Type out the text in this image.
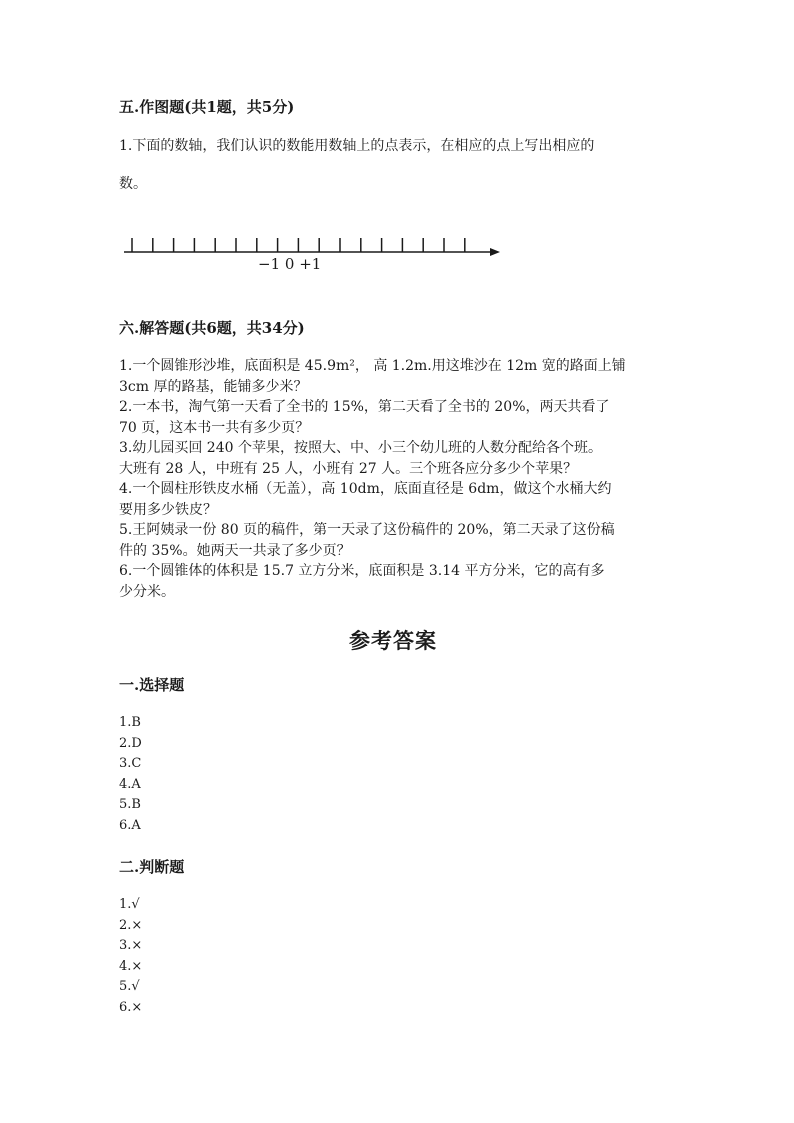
五.作图题(共1题，共5分)
1.下面的数轴，我们认识的数能用数轴上的点表示，在相应的点上写出相应的
数。
−1 0 +1
六.解答题(共6题，共34分)
1.一个圆锥形沙堆，底面积是 45.9m²， 高 1.2m.用这堆沙在 12m 宽的路面上铺
3cm 厚的路基，能铺多少米？
2.一本书，淘气第一天看了全书的 15%，第二天看了全书的 20%，两天共看了
70 页，这本书一共有多少页？
3.幼儿园买回 240 个苹果，按照大、中、小三个幼儿班的人数分配给各个班。
大班有 28 人，中班有 25 人，小班有 27 人。三个班各应分多少个苹果？
4.一个圆柱形铁皮水桶（无盖），高 10dm，底面直径是 6dm，做这个水桶大约
要用多少铁皮？
5.王阿姨录一份 80 页的稿件，第一天录了这份稿件的 20%，第二天录了这份稿
件的 35%。她两天一共录了多少页？
6.一个圆锥体的体积是 15.7 立方分米，底面积是 3.14 平方分米，它的高有多
少分米。
参考答案
一.选择题
1.B
2.D
3.C
4.A
5.B
6.A
二.判断题
1.√
2.×
3.×
4.×
5.√
6.×
